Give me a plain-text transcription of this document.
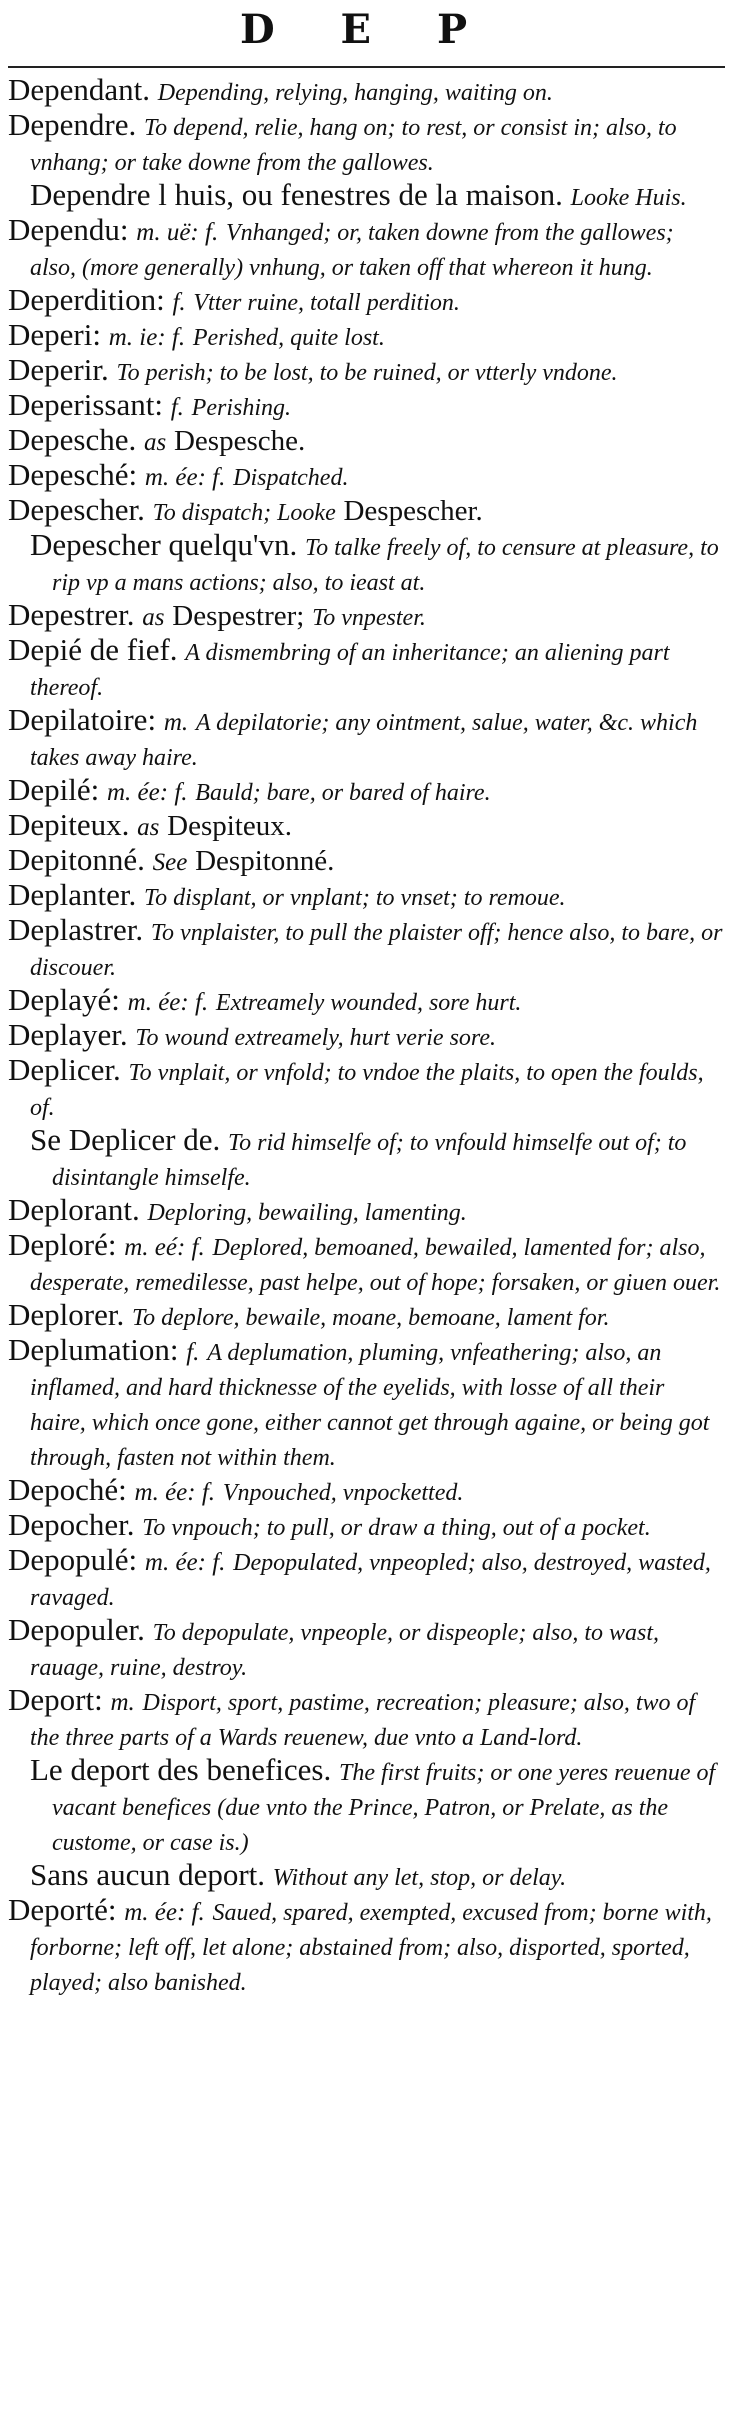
D E P

Dependant. Depending, relying, hanging, waiting on.

Dependre. To depend, relie, hang on; to rest, or consist in; also, to vnhang; or take downe from the gallowes.

Dependre l huis, ou fenestres de la maison. Looke Huis.

Dependu: m. uë: f. Vnhanged; or, taken downe from the gallowes; also, (more generally) vnhung, or taken off that whereon it hung.

Deperdition: f. Vtter ruine, totall perdition.

Deperi: m. ie: f. Perished, quite lost.

Deperir. To perish; to be lost, to be ruined, or vtterly vndone.

Deperissant: f. Perishing.

Depesche. as Despesche.

Depesché: m. ée: f. Dispatched.

Depescher. To dispatch; Looke Despescher.

Depescher quelqu'vn. To talke freely of, to censure at pleasure, to rip vp a mans actions; also, to ieast at.

Depestrer. as Despestrer; To vnpester.

Depié de fief. A dismembring of an inheritance; an aliening part thereof.

Depilatoire: m. A depilatorie; any ointment, salue, water, &c. which takes away haire.

Depilé: m. ée: f. Bauld; bare, or bared of haire.

Depiteux. as Despiteux.

Depitonné. See Despitonné.

Deplanter. To displant, or vnplant; to vnset; to remoue.

Deplastrer. To vnplaister, to pull the plaister off; hence also, to bare, or discouer.

Deplayé: m. ée: f. Extreamely wounded, sore hurt.

Deplayer. To wound extreamely, hurt verie sore.

Deplicer. To vnplait, or vnfold; to vndoe the plaits, to open the foulds, of.

Se Deplicer de. To rid himselfe of; to vnfould himselfe out of; to disintangle himselfe.

Deplorant. Deploring, bewailing, lamenting.

Deploré: m. eé: f. Deplored, bemoaned, bewailed, lamented for; also, desperate, remedilesse, past helpe, out of hope; forsaken, or giuen ouer.

Deplorer. To deplore, bewaile, moane, bemoane, lament for.

Deplumation: f. A deplumation, pluming, vnfeathering; also, an inflamed, and hard thicknesse of the eyelids, with losse of all their haire, which once gone, either cannot get through againe, or being got through, fasten not within them.

Depoché: m. ée: f. Vnpouched, vnpocketted.

Depocher. To vnpouch; to pull, or draw a thing, out of a pocket.

Depopulé: m. ée: f. Depopulated, vnpeopled; also, destroyed, wasted, ravaged.

Depopuler. To depopulate, vnpeople, or dispeople; also, to wast, rauage, ruine, destroy.

Deport: m. Disport, sport, pastime, recreation; pleasure; also, two of the three parts of a Wards reuenew, due vnto a Land-lord.

Le deport des benefices. The first fruits; or one yeres reuenue of vacant benefices (due vnto the Prince, Patron, or Prelate, as the custome, or case is.)

Sans aucun deport. Without any let, stop, or delay.

Deporté: m. ée: f. Saued, spared, exempted, excused from; borne with, forborne; left off, let alone; abstained from; also, disported, sported, played; also banished.
